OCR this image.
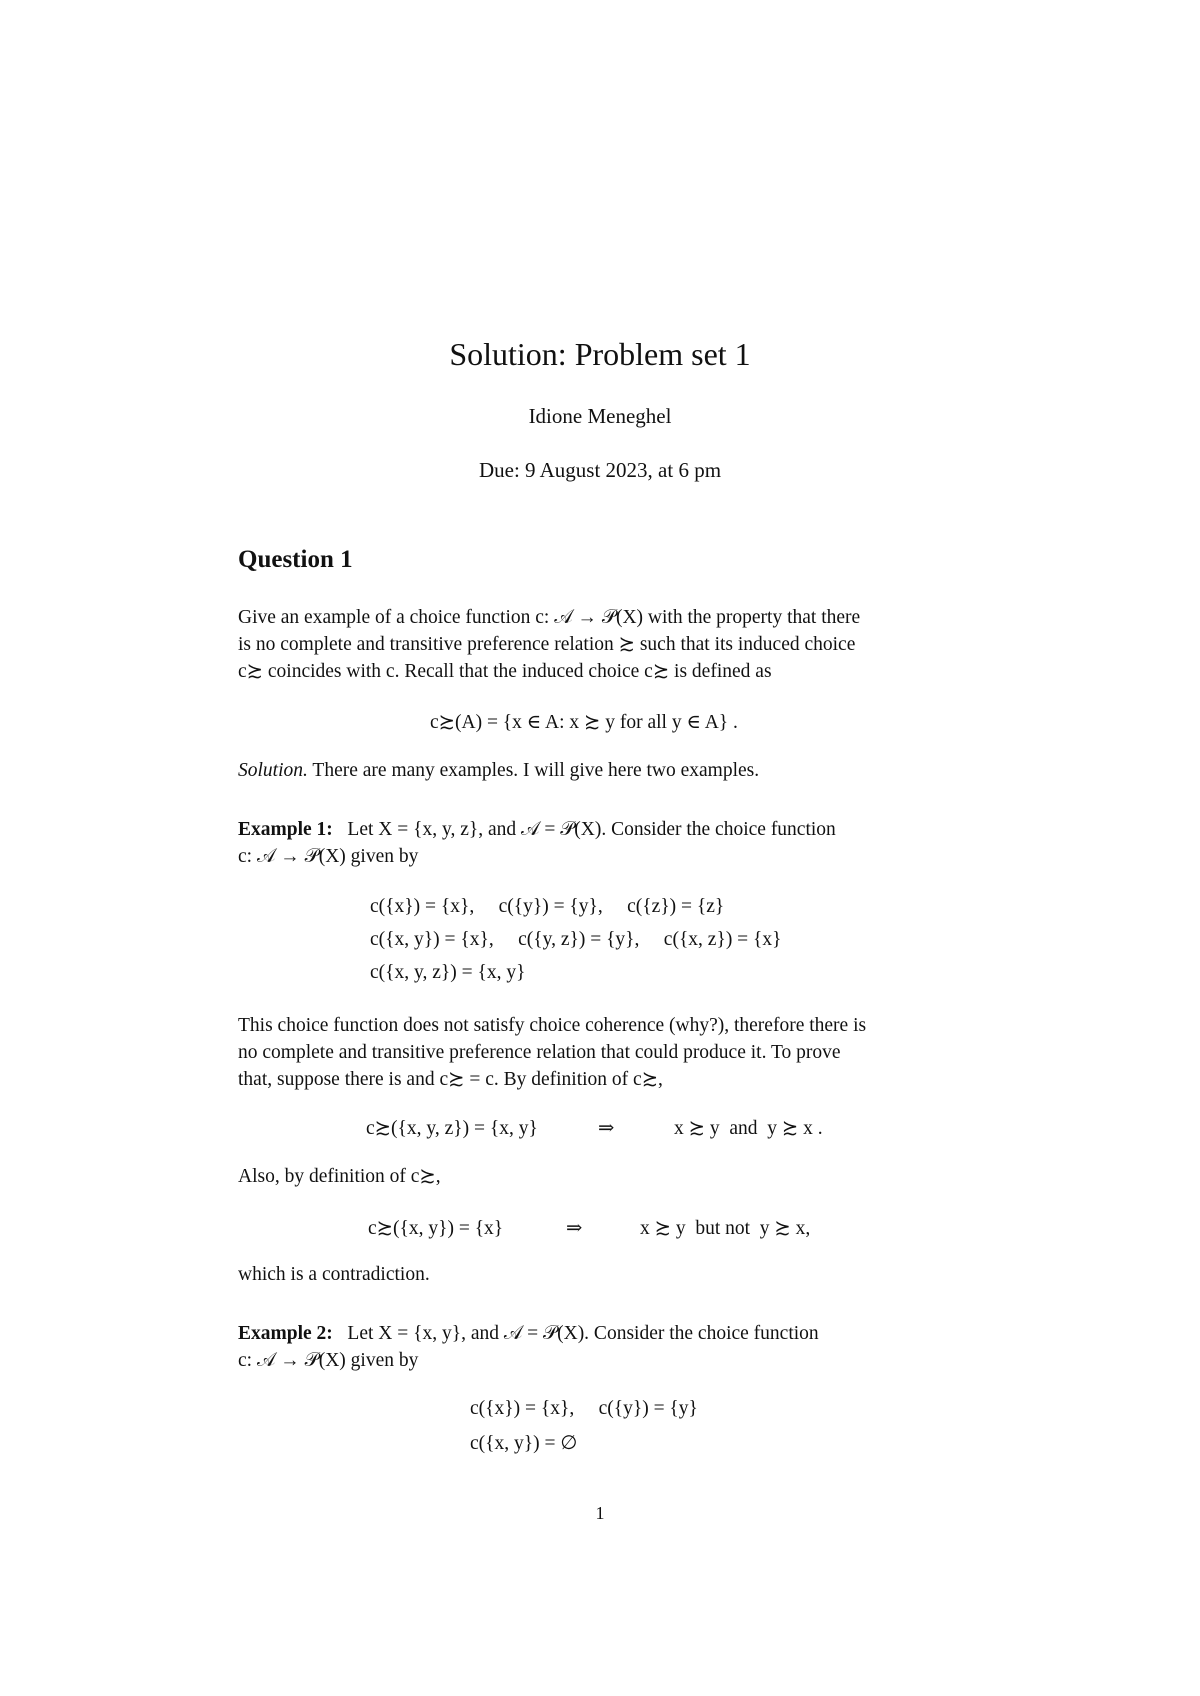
Solution: Problem set 1
Idione Meneghel
Due: 9 August 2023, at 6 pm
Question 1
Give an example of a choice function c: 𝒜 → 𝒫(X) with the property that there
is no complete and transitive preference relation ≿ such that its induced choice
c≿ coincides with c. Recall that the induced choice c≿ is defined as
c≿(A) = {x ∈ A: x ≿ y for all y ∈ A} .
Solution. There are many examples. I will give here two examples.
Example 1: Let X = {x, y, z}, and 𝒜 = 𝒫(X). Consider the choice function
c: 𝒜 → 𝒫(X) given by
c({x}) = {x},     c({y}) = {y},     c({z}) = {z}
c({x, y}) = {x},     c({y, z}) = {y},     c({x, z}) = {x}
c({x, y, z}) = {x, y}
This choice function does not satisfy choice coherence (why?), therefore there is
no complete and transitive preference relation that could produce it. To prove
that, suppose there is and c≿ = c. By definition of c≿,
c≿({x, y, z}) = {x, y}	⇒	x ≿ y  and  y ≿ x .
Also, by definition of c≿,
c≿({x, y}) = {x}	⇒	x ≿ y  but not  y ≿ x,
which is a contradiction.
Example 2: Let X = {x, y}, and 𝒜 = 𝒫(X). Consider the choice function
c: 𝒜 → 𝒫(X) given by
c({x}) = {x},     c({y}) = {y}
c({x, y}) = ∅
1
